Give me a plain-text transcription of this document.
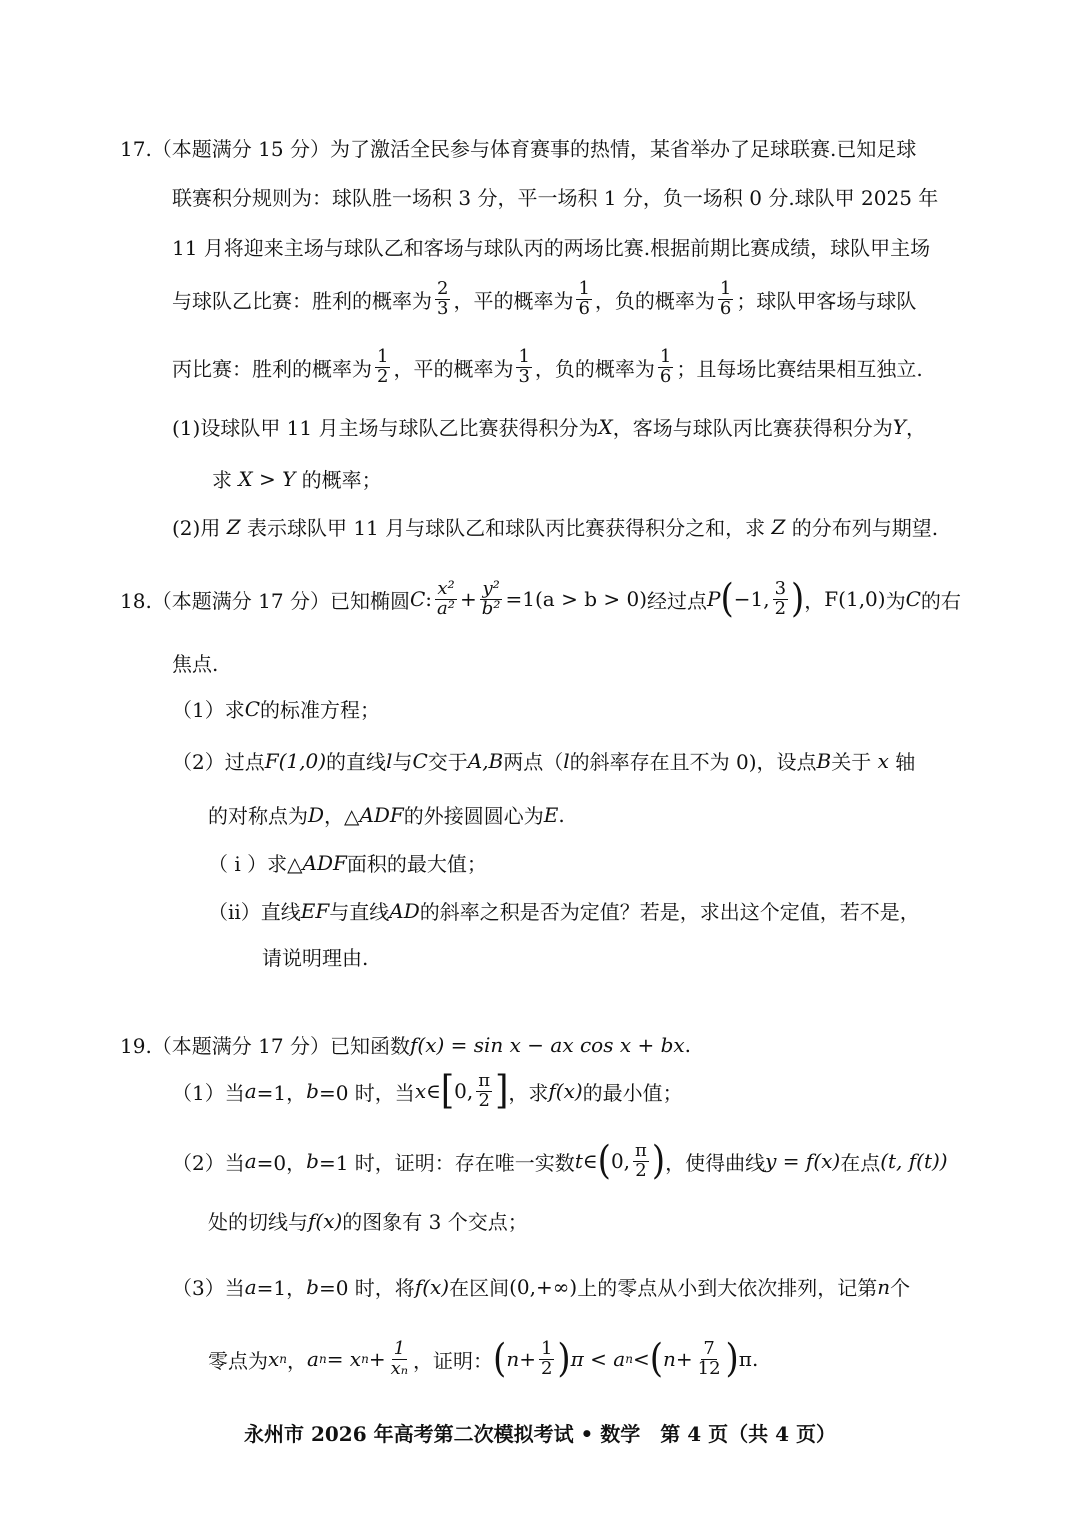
17.（本题满分 15 分）为了激活全民参与体育赛事的热情，某省举办了足球联赛.已知足球
联赛积分规则为：球队胜一场积 3 分，平一场积 1 分，负一场积 0 分.球队甲 2025 年
11 月将迎来主场与球队乙和客场与球队丙的两场比赛.根据前期比赛成绩，球队甲主场
与球队乙比赛：胜利的概率为 $\frac{2}{3}$ ，平的概率为 $\frac{1}{6}$ ，负的概率为 $\frac{1}{6}$ ；球队甲客场与球队
丙比赛：胜利的概率为 $\frac{1}{2}$ ，平的概率为 $\frac{1}{3}$ ，负的概率为 $\frac{1}{6}$ ；且每场比赛结果相互独立.
(1)设球队甲 11 月主场与球队乙比赛获得积分为 X ，客场与球队丙比赛获得积分为 Y ，
求
X > Y
的概率；
(2)用
Z
表示球队甲 11 月与球队乙和球队丙比赛获得积分之和，求
Z
的分布列与期望.
18.（本题满分 17 分）已知椭圆 C : $\frac{\text{x²}}{\text{a²}} + \frac{\text{y²}}{\text{b²}} =1(a > b > 0)$ 经过点 P ( −1, $\frac{3}{2}$ ) ， F(1,0) 为 C 的右
焦点.
（1）求 C 的标准方程；
（2）过点 F(1,0) 的直线 l 与 C 交于 A,B 两点（ l 的斜率存在且不为 0)，设点 B 关于
x
轴
的对称点为 D ，△ ADF 的外接圆圆心为 E .
（ i ）求△ ADF 面积的最大值；
（ii）直线 EF 与直线 AD 的斜率之积是否为定值？若是，求出这个定值，若不是，
请说明理由.
19.（本题满分 17 分）已知函数 f(x) = sin x − ax cos x + bx .
（1）当 a =1， b =0 时，当 x ∈ [ 0, $\frac{\pi}{2}$ ] ，求 f(x) 的最小值；
（2）当 a =0， b =1 时，证明：存在唯一实数 t ∈ ( 0, $\frac{\pi}{2}$ ) ，使得曲线 y = f(x) 在点 (t, f(t))
处的切线与 f(x) 的图象有 3 个交点；
（3）当 a =1， b =0 时，将 f(x) 在区间 (0,+∞) 上的零点从小到大依次排列，记第 n 个
零点为 x n ， a n = x $n + \frac{1}{\text{xₙ}}$ ，证明： ( $n+ \frac{1}{2}$ ) π < a n < ( $n+ \frac{7}{12}$ ) π.
永州市 2026 年高考第二次模拟考试 • 数学　第 4 页（共 4 页）
